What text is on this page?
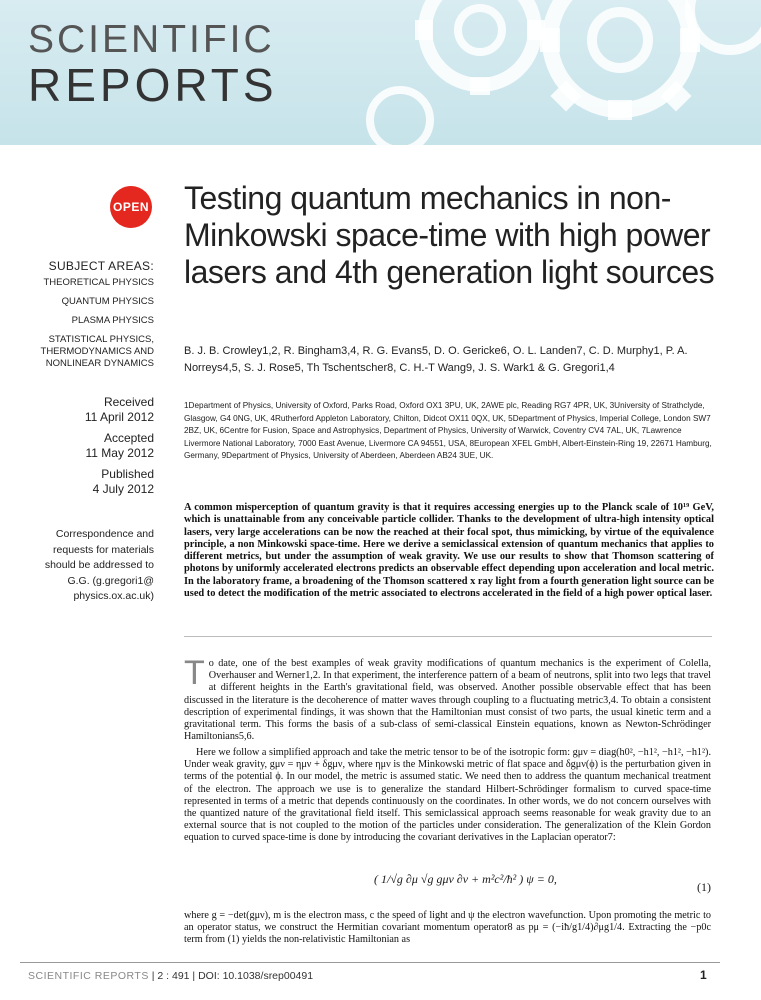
SCIENTIFIC
REPORTS
OPEN
SUBJECT AREAS:
THEORETICAL PHYSICS
QUANTUM PHYSICS
PLASMA PHYSICS
STATISTICAL PHYSICS, THERMODYNAMICS AND NONLINEAR DYNAMICS
Received
11 April 2012
Accepted
11 May 2012
Published
4 July 2012
Correspondence and requests for materials should be addressed to G.G. (g.gregori1@ physics.ox.ac.uk)
Testing quantum mechanics in non-Minkowski space-time with high power lasers and 4th generation light sources
B. J. B. Crowley1,2, R. Bingham3,4, R. G. Evans5, D. O. Gericke6, O. L. Landen7, C. D. Murphy1, P. A. Norreys4,5, S. J. Rose5, Th Tschentscher8, C. H.-T Wang9, J. S. Wark1 & G. Gregori1,4
1Department of Physics, University of Oxford, Parks Road, Oxford OX1 3PU, UK, 2AWE plc, Reading RG7 4PR, UK, 3University of Strathclyde, Glasgow, G4 0NG, UK, 4Rutherford Appleton Laboratory, Chilton, Didcot OX11 0QX, UK, 5Department of Physics, Imperial College, London SW7 2BZ, UK, 6Centre for Fusion, Space and Astrophysics, Department of Physics, University of Warwick, Coventry CV4 7AL, UK, 7Lawrence Livermore National Laboratory, 7000 East Avenue, Livermore CA 94551, USA, 8European XFEL GmbH, Albert-Einstein-Ring 19, 22671 Hamburg, Germany, 9Department of Physics, University of Aberdeen, Aberdeen AB24 3UE, UK.
A common misperception of quantum gravity is that it requires accessing energies up to the Planck scale of 10¹⁹ GeV, which is unattainable from any conceivable particle collider. Thanks to the development of ultra-high intensity optical lasers, very large accelerations can be now the reached at their focal spot, thus mimicking, by virtue of the equivalence principle, a non Minkowski space-time. Here we derive a semiclassical extension of quantum mechanics that applies to different metrics, but under the assumption of weak gravity. We use our results to show that Thomson scattering of photons by uniformly accelerated electrons predicts an observable effect depending upon acceleration and local metric. In the laboratory frame, a broadening of the Thomson scattered x ray light from a fourth generation light source can be used to detect the modification of the metric associated to electrons accelerated in the field of a high power optical laser.
T o date, one of the best examples of weak gravity modifications of quantum mechanics is the experiment of Colella, Overhauser and Werner1,2. In that experiment, the interference pattern of a beam of neutrons, split into two legs that travel at different heights in the Earth's gravitational field, was observed. Another possible observable effect that has been discussed in the literature is the decoherence of matter waves through coupling to a fluctuating metric3,4. To obtain a consistent description of experimental findings, it was shown that the Hamiltonian must consist of two parts, the usual kinetic term and a gravitational term. This forms the basis of a sub-class of semi-classical Einstein equations, known as Newton-Schrödinger Hamiltonians5,6.
Here we follow a simplified approach and take the metric tensor to be of the isotropic form: gμν = diag(h0², −h1², −h1², −h1²). Under weak gravity, gμν = ημν + δgμν, where ημν is the Minkowski metric of flat space and δgμν(ϕ) is the perturbation given in terms of the potential ϕ. In our model, the metric is assumed static. We need then to address the quantum mechanical treatment of the electron. The approach we use is to generalize the standard Hilbert-Schrödinger formalism to curved space-time represented in terms of a metric that depends continuously on the coordinates. In other words, we do not concern ourselves with the quantized nature of the gravitational field itself. This semiclassical approach seems reasonable for weak gravity due to an external source that is not coupled to the motion of the particles under consideration. The generalization of the Klein Gordon equation to curved space-time is done by introducing the covariant derivatives in the Laplacian operator7:
( 1/√g ∂μ √g gμν ∂ν + m²c²/ħ² ) ψ = 0,
(1)
where g = −det(gμν), m is the electron mass, c the speed of light and ψ the electron wavefunction. Upon promoting the metric to an operator status, we construct the Hermitian covariant momentum operator8 as pμ = (−iħ/g1/4)∂μg1/4. Extracting the −p0c term from (1) yields the non-relativistic Hamiltonian as
SCIENTIFIC REPORTS | 2 : 491 | DOI: 10.1038/srep00491	1
